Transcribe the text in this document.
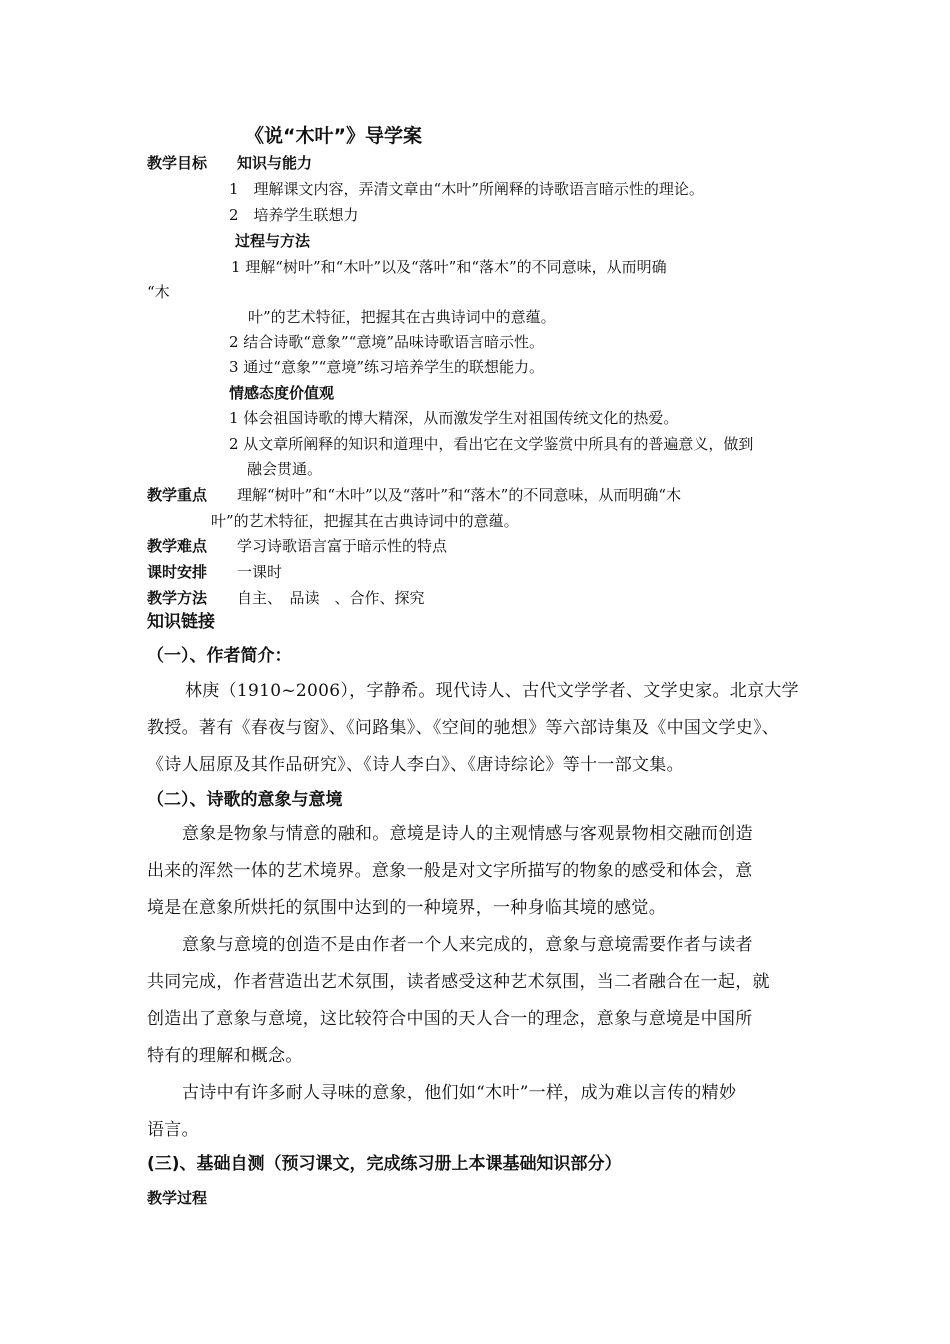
《说“木叶”》导学案
教学目标 知识与能力
1　理解课文内容，弄清文章由“木叶”所阐释的诗歌语言暗示性的理论。
2　培养学生联想力
过程与方法
1 理解“树叶”和“木叶”以及“落叶”和“落木”的不同意味，从而明确
“木
叶”的艺术特征，把握其在古典诗词中的意蕴。
2 结合诗歌“意象”“意境”品味诗歌语言暗示性。
3 通过“意象”“意境”练习培养学生的联想能力。
情感态度价值观
1 体会祖国诗歌的博大精深，从而激发学生对祖国传统文化的热爱。
2 从文章所阐释的知识和道理中，看出它在文学鉴赏中所具有的普遍意义，做到
融会贯通。
教学重点 理解“树叶”和“木叶”以及“落叶”和“落木”的不同意味，从而明确“木
叶”的艺术特征，把握其在古典诗词中的意蕴。
教学难点 学习诗歌语言富于暗示性的特点
课时安排 一课时
教学方法 自主、　品读　、合作、探究
知识链接
（一）、作者简介：
林庚（1910~2006），字静希。现代诗人、古代文学学者、文学史家。北京大学
教授。著有《春夜与窗》、《问路集》、《空间的驰想》等六部诗集及《中国文学史》、
《诗人屈原及其作品研究》、《诗人李白》、《唐诗综论》等十一部文集。
（二）、诗歌的意象与意境
意象是物象与情意的融和。意境是诗人的主观情感与客观景物相交融而创造
出来的浑然一体的艺术境界。意象一般是对文字所描写的物象的感受和体会，意
境是在意象所烘托的氛围中达到的一种境界，一种身临其境的感觉。
意象与意境的创造不是由作者一个人来完成的，意象与意境需要作者与读者
共同完成，作者营造出艺术氛围，读者感受这种艺术氛围，当二者融合在一起，就
创造出了意象与意境，这比较符合中国的天人合一的理念，意象与意境是中国所
特有的理解和概念。
古诗中有许多耐人寻味的意象，他们如“木叶”一样，成为难以言传的精妙
语言。
(三)、基础自测（预习课文，完成练习册上本课基础知识部分）
教学过程
